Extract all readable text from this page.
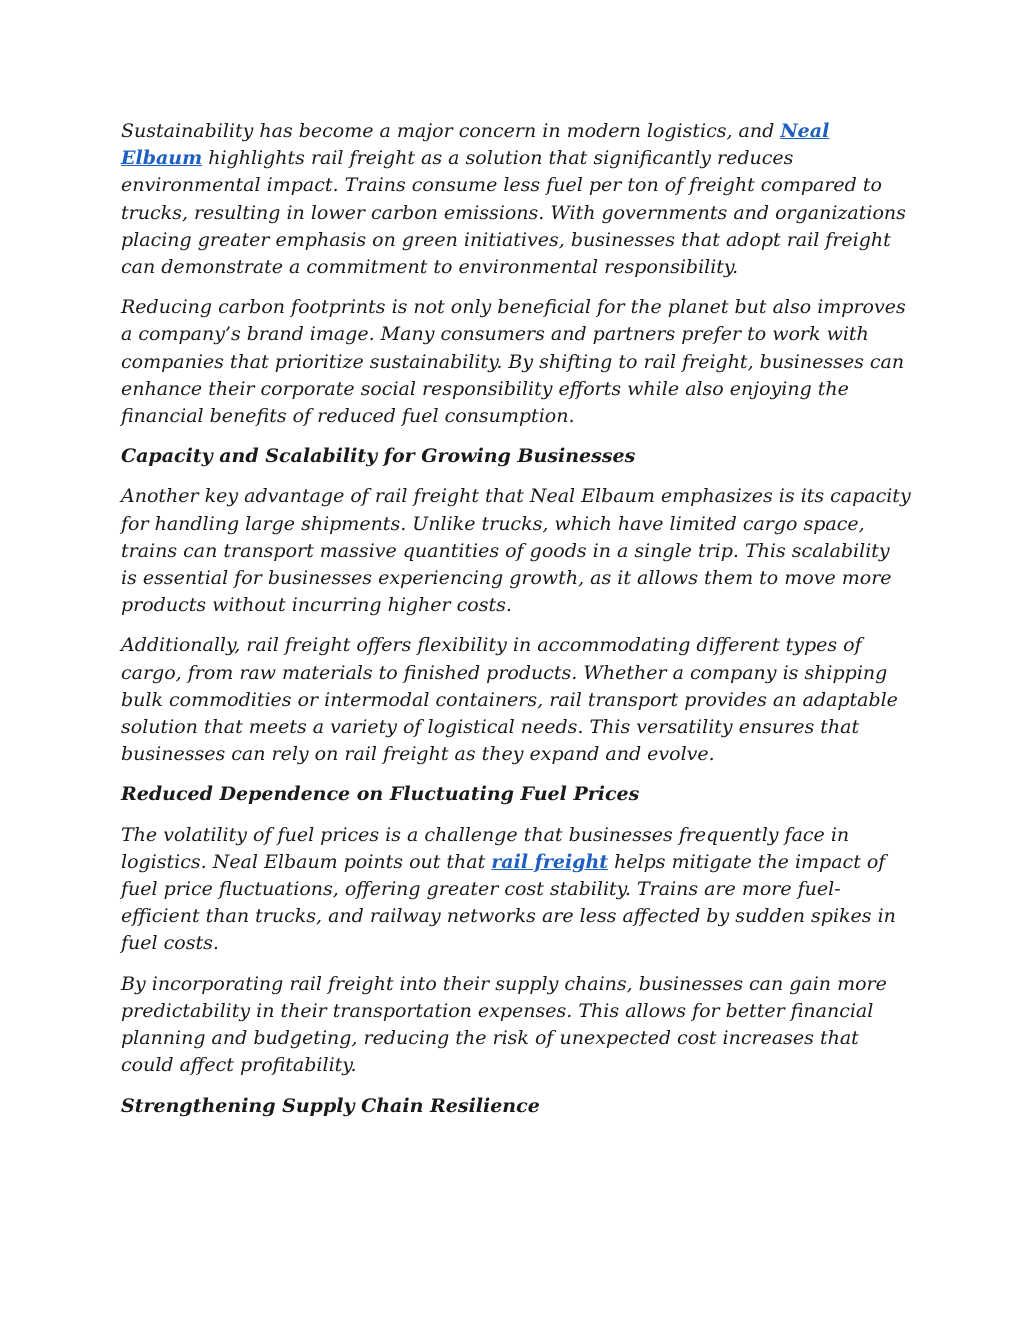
Sustainability has become a major concern in modern logistics, and Neal Elbaum highlights rail freight as a solution that significantly reduces environmental impact. Trains consume less fuel per ton of freight compared to trucks, resulting in lower carbon emissions. With governments and organizations placing greater emphasis on green initiatives, businesses that adopt rail freight can demonstrate a commitment to environmental responsibility.

Reducing carbon footprints is not only beneficial for the planet but also improves a company’s brand image. Many consumers and partners prefer to work with companies that prioritize sustainability. By shifting to rail freight, businesses can enhance their corporate social responsibility efforts while also enjoying the financial benefits of reduced fuel consumption.

Capacity and Scalability for Growing Businesses

Another key advantage of rail freight that Neal Elbaum emphasizes is its capacity for handling large shipments. Unlike trucks, which have limited cargo space, trains can transport massive quantities of goods in a single trip. This scalability is essential for businesses experiencing growth, as it allows them to move more products without incurring higher costs.

Additionally, rail freight offers flexibility in accommodating different types of cargo, from raw materials to finished products. Whether a company is shipping bulk commodities or intermodal containers, rail transport provides an adaptable solution that meets a variety of logistical needs. This versatility ensures that businesses can rely on rail freight as they expand and evolve.

Reduced Dependence on Fluctuating Fuel Prices

The volatility of fuel prices is a challenge that businesses frequently face in logistics. Neal Elbaum points out that rail freight helps mitigate the impact of fuel price fluctuations, offering greater cost stability. Trains are more fuel-efficient than trucks, and railway networks are less affected by sudden spikes in fuel costs.

By incorporating rail freight into their supply chains, businesses can gain more predictability in their transportation expenses. This allows for better financial planning and budgeting, reducing the risk of unexpected cost increases that could affect profitability.

Strengthening Supply Chain Resilience
